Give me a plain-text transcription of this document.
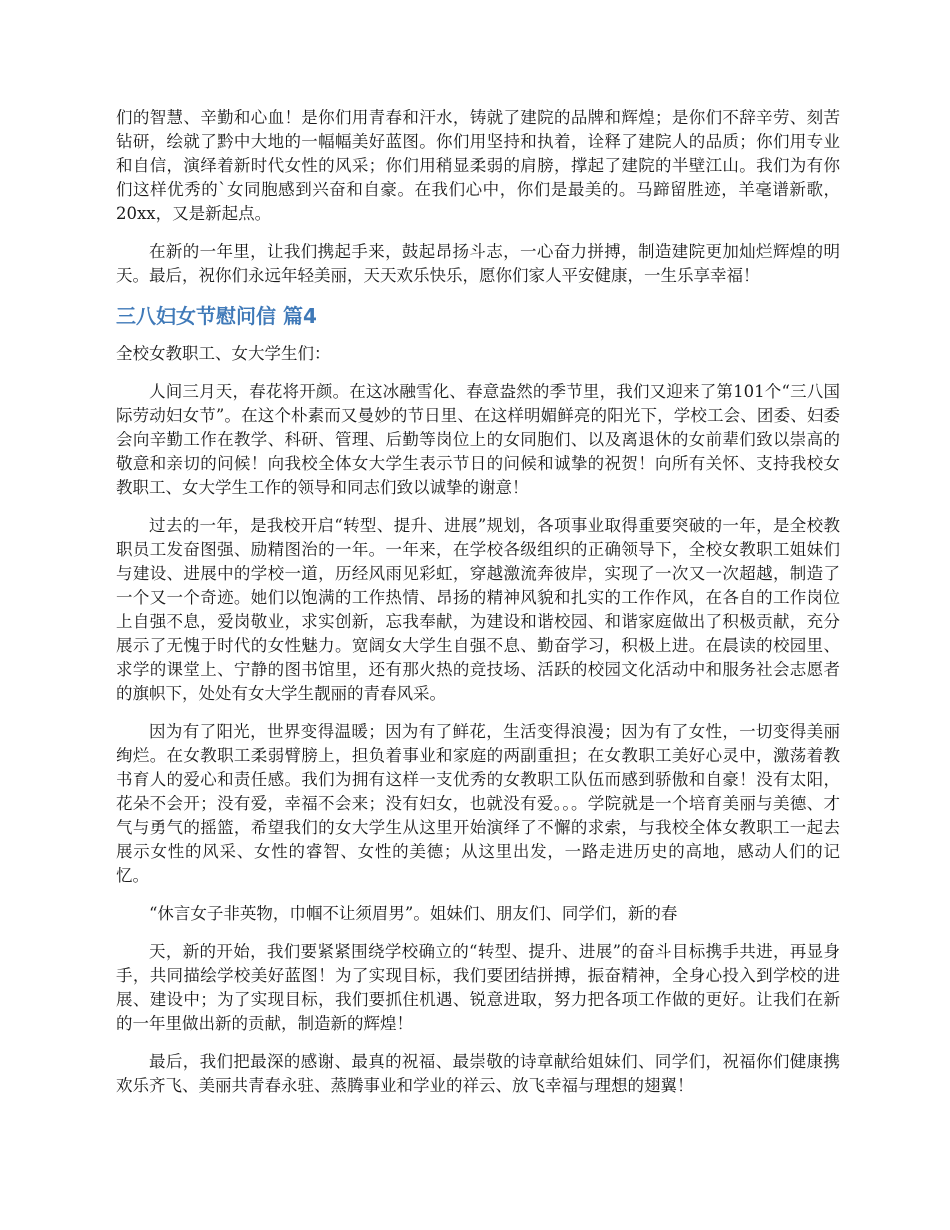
们的智慧、辛勤和心血！是你们用青春和汗水，铸就了建院的品牌和辉煌；是你们不辞辛劳、刻苦钻研，绘就了黔中大地的一幅幅美好蓝图。你们用坚持和执着，诠释了建院人的品质；你们用专业和自信，演绎着新时代女性的风采；你们用稍显柔弱的肩膀，撑起了建院的半壁江山。我们为有你们这样优秀的`女同胞感到兴奋和自豪。在我们心中，你们是最美的。马蹄留胜迹，羊毫谱新歌，20xx，又是新起点。

在新的一年里，让我们携起手来，鼓起昂扬斗志，一心奋力拼搏，制造建院更加灿烂辉煌的明天。最后，祝你们永远年轻美丽，天天欢乐快乐，愿你们家人平安健康，一生乐享幸福！

三八妇女节慰问信 篇4

全校女教职工、女大学生们：

人间三月天，春花将开颜。在这冰融雪化、春意盎然的季节里，我们又迎来了第101个“三八国际劳动妇女节”。在这个朴素而又曼妙的节日里、在这样明媚鲜亮的阳光下，学校工会、团委、妇委会向辛勤工作在教学、科研、管理、后勤等岗位上的女同胞们、以及离退休的女前辈们致以崇高的敬意和亲切的问候！向我校全体女大学生表示节日的问候和诚挚的祝贺！向所有关怀、支持我校女教职工、女大学生工作的领导和同志们致以诚挚的谢意！

过去的一年，是我校开启“转型、提升、进展”规划，各项事业取得重要突破的一年，是全校教职员工发奋图强、励精图治的一年。一年来，在学校各级组织的正确领导下，全校女教职工姐妹们与建设、进展中的学校一道，历经风雨见彩虹，穿越激流奔彼岸，实现了一次又一次超越，制造了一个又一个奇迹。她们以饱满的工作热情、昂扬的精神风貌和扎实的工作作风，在各自的工作岗位上自强不息，爱岗敬业，求实创新，忘我奉献，为建设和谐校园、和谐家庭做出了积极贡献，充分展示了无愧于时代的女性魅力。宽阔女大学生自强不息、勤奋学习，积极上进。在晨读的校园里、求学的课堂上、宁静的图书馆里，还有那火热的竞技场、活跃的校园文化活动中和服务社会志愿者的旗帜下，处处有女大学生靓丽的青春风采。

因为有了阳光，世界变得温暖；因为有了鲜花，生活变得浪漫；因为有了女性，一切变得美丽绚烂。在女教职工柔弱臂膀上，担负着事业和家庭的两副重担；在女教职工美好心灵中，激荡着教书育人的爱心和责任感。我们为拥有这样一支优秀的女教职工队伍而感到骄傲和自豪！没有太阳，花朵不会开；没有爱，幸福不会来；没有妇女，也就没有爱。。。学院就是一个培育美丽与美德、才气与勇气的摇篮，希望我们的女大学生从这里开始演绎了不懈的求索，与我校全体女教职工一起去展示女性的风采、女性的睿智、女性的美德；从这里出发，一路走进历史的高地，感动人们的记忆。

“休言女子非英物，巾帼不让须眉男”。姐妹们、朋友们、同学们，新的春

天，新的开始，我们要紧紧围绕学校确立的“转型、提升、进展”的奋斗目标携手共进，再显身手，共同描绘学校美好蓝图！为了实现目标，我们要团结拼搏，振奋精神，全身心投入到学校的进展、建设中；为了实现目标，我们要抓住机遇、锐意进取，努力把各项工作做的更好。让我们在新的一年里做出新的贡献，制造新的辉煌！

最后，我们把最深的感谢、最真的祝福、最崇敬的诗章献给姐妹们、同学们，祝福你们健康携欢乐齐飞、美丽共青春永驻、蒸腾事业和学业的祥云、放飞幸福与理想的翅翼！
